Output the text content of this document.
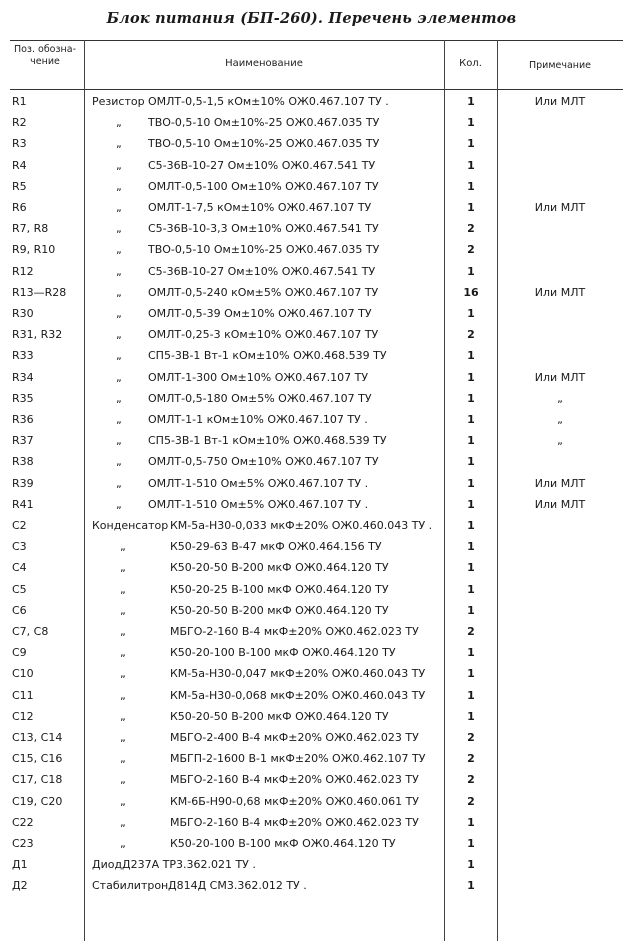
Блок питания (БП-260). Перечень элементов
Поз. обозна-чение	Наименование	Кол.	Примечание
R1	Резистор ОМЛТ-0,5-1,5 кОм±10% ОЖ0.467.107 ТУ .	1	Или МЛТ
R2	„ ТВО-0,5-10 Ом±10%-25 ОЖ0.467.035 ТУ	1
R3	„ ТВО-0,5-10 Ом±10%-25 ОЖ0.467.035 ТУ	1
R4	„ С5-36В-10-27 Ом±10% ОЖ0.467.541 ТУ	1
R5	„ ОМЛТ-0,5-100 Ом±10% ОЖ0.467.107 ТУ	1
R6	„ ОМЛТ-1-7,5 кОм±10% ОЖ0.467.107 ТУ	1	Или МЛТ
R7, R8	„ С5-36В-10-3,3 Ом±10% ОЖ0.467.541 ТУ	2
R9, R10	„ ТВО-0,5-10 Ом±10%-25 ОЖ0.467.035 ТУ	2
R12	„ С5-36В-10-27 Ом±10% ОЖ0.467.541 ТУ	1
R13—R28	„ ОМЛТ-0,5-240 кОм±5% ОЖ0.467.107 ТУ	16	Или МЛТ
R30	„ ОМЛТ-0,5-39 Ом±10% ОЖ0.467.107 ТУ	1
R31, R32	„ ОМЛТ-0,25-3 кОм±10% ОЖ0.467.107 ТУ	2
R33	„ СП5-3В-1 Вт-1 кОм±10% ОЖ0.468.539 ТУ	1
R34	„ ОМЛТ-1-300 Ом±10% ОЖ0.467.107 ТУ	1	Или МЛТ
R35	„ ОМЛТ-0,5-180 Ом±5% ОЖ0.467.107 ТУ	1	„
R36	„ ОМЛТ-1-1 кОм±10% ОЖ0.467.107 ТУ .	1	„
R37	„ СП5-3В-1 Вт-1 кОм±10% ОЖ0.468.539 ТУ	1	„
R38	„ ОМЛТ-0,5-750 Ом±10% ОЖ0.467.107 ТУ	1
R39	„ ОМЛТ-1-510 Ом±5% ОЖ0.467.107 ТУ .	1	Или МЛТ
R41	„ ОМЛТ-1-510 Ом±5% ОЖ0.467.107 ТУ .	1	Или МЛТ
С2	Конденсатор КМ-5а-Н30-0,033 мкФ±20% ОЖ0.460.043 ТУ .	1
С3	„	К50-29-63 В-47 мкФ ОЖ0.464.156 ТУ	1
С4	„	К50-20-50 В-200 мкФ ОЖ0.464.120 ТУ	1
С5	„	К50-20-25 В-100 мкФ ОЖ0.464.120 ТУ	1
С6	„	К50-20-50 В-200 мкФ ОЖ0.464.120 ТУ	1
С7, С8	„	МБГО-2-160 В-4 мкФ±20% ОЖ0.462.023 ТУ	2
С9	„	К50-20-100 В-100 мкФ ОЖ0.464.120 ТУ	1
С10	„	КМ-5а-Н30-0,047 мкФ±20% ОЖ0.460.043 ТУ	1
С11	„	КМ-5а-Н30-0,068 мкФ±20% ОЖ0.460.043 ТУ	1
С12	„	К50-20-50 В-200 мкФ ОЖ0.464.120 ТУ	1
С13, С14	„	МБГО-2-400 В-4 мкФ±20% ОЖ0.462.023 ТУ	2
С15, С16	„	МБГП-2-1600 В-1 мкФ±20% ОЖ0.462.107 ТУ	2
С17, С18	„	МБГО-2-160 В-4 мкФ±20% ОЖ0.462.023 ТУ	2
С19, С20	„	КМ-6Б-Н90-0,68 мкФ±20% ОЖ0.460.061 ТУ	2
С22	„	МБГО-2-160 В-4 мкФ±20% ОЖ0.462.023 ТУ	1
С23	„	К50-20-100 В-100 мкФ ОЖ0.464.120 ТУ	1
Д1	Диод Д237А ТР3.362.021 ТУ .	1
Д2	Стабилитрон Д814Д СМ3.362.012 ТУ .	1
